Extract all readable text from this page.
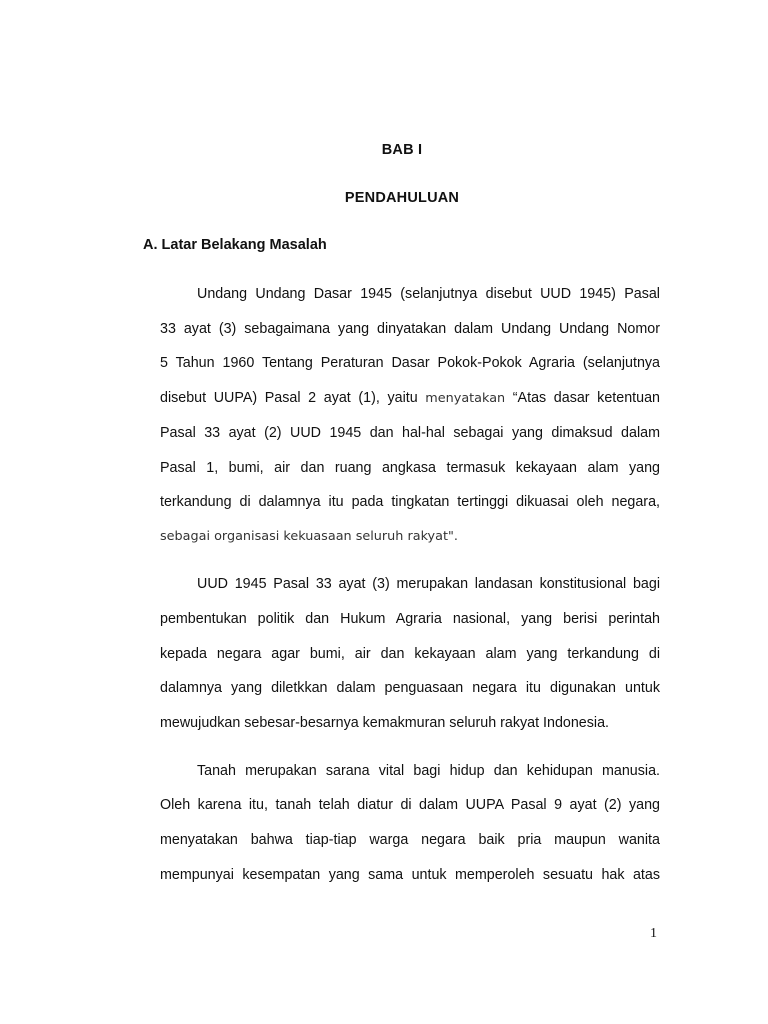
BAB I
PENDAHULUAN
A. Latar Belakang Masalah
Undang Undang Dasar 1945 (selanjutnya disebut UUD 1945) Pasal
33 ayat (3) sebagaimana yang dinyatakan dalam Undang Undang Nomor
5 Tahun 1960 Tentang Peraturan Dasar Pokok-Pokok Agraria (selanjutnya
disebut UUPA) Pasal 2 ayat (1), yaitu menyatakan “Atas dasar ketentuan
Pasal 33 ayat (2) UUD 1945 dan hal-hal sebagai yang dimaksud dalam
Pasal 1, bumi, air dan ruang angkasa termasuk kekayaan alam yang
terkandung di dalamnya itu pada tingkatan tertinggi dikuasai oleh negara,
sebagai organisasi kekuasaan seluruh rakyat".
UUD 1945 Pasal 33 ayat (3) merupakan landasan konstitusional bagi
pembentukan politik dan Hukum Agraria nasional, yang berisi perintah
kepada negara agar bumi, air dan kekayaan alam yang terkandung di
dalamnya yang diletkkan dalam penguasaan negara itu digunakan untuk
mewujudkan sebesar-besarnya kemakmuran seluruh rakyat Indonesia.
Tanah merupakan sarana vital bagi hidup dan kehidupan manusia.
Oleh karena itu, tanah telah diatur di dalam UUPA Pasal 9 ayat (2) yang
menyatakan bahwa tiap-tiap warga negara baik pria maupun wanita
mempunyai kesempatan yang sama untuk memperoleh sesuatu hak atas
1
